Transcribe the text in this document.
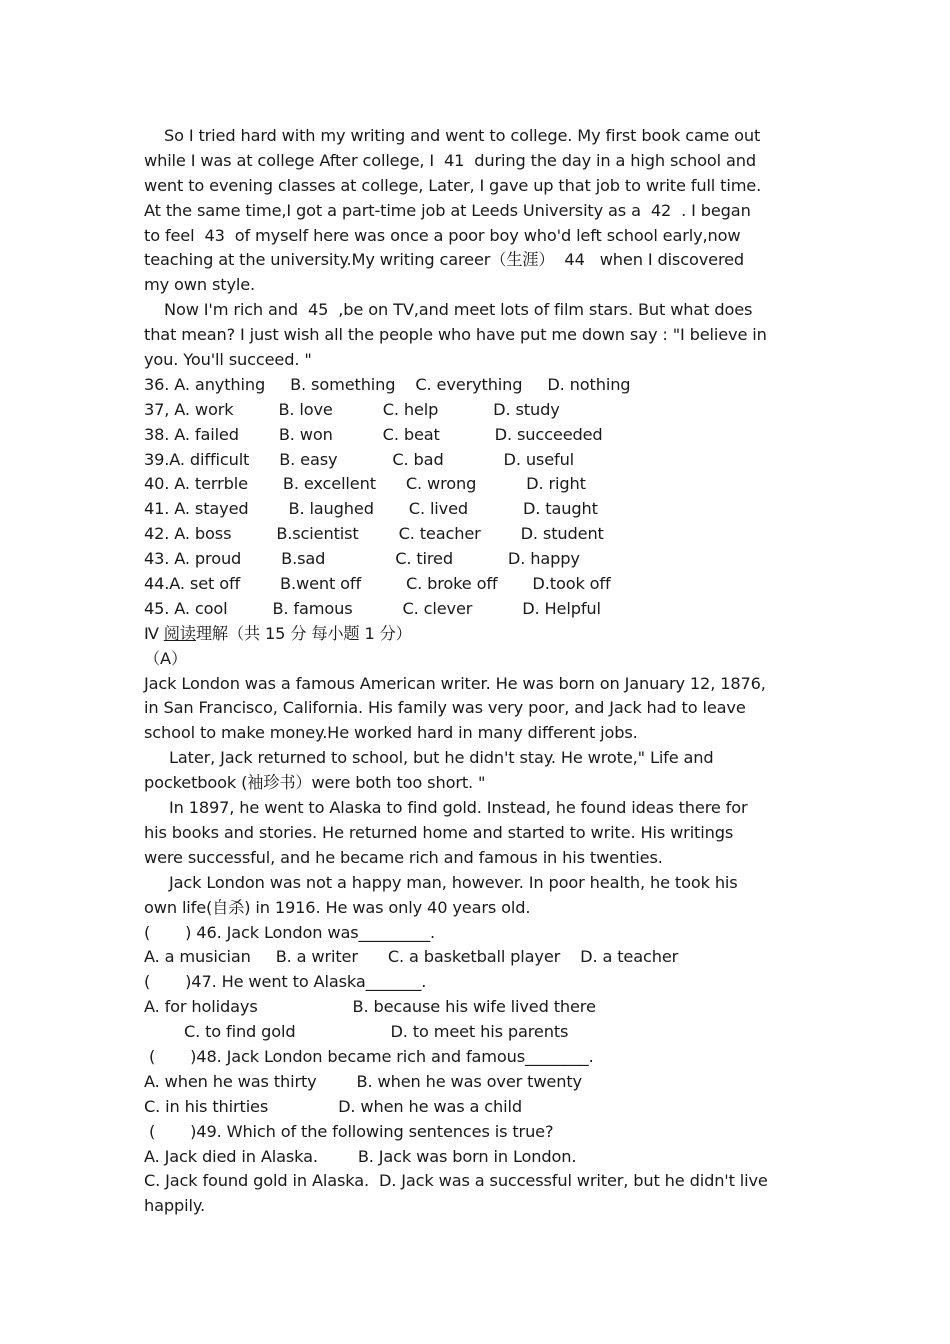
So I tried hard with my writing and went to college. My first book came out
while I was at college After college, I  41  during the day in a high school and
went to evening classes at college, Later, I gave up that job to write full time.
At the same time,I got a part-time job at Leeds University as a  42  . I began
to feel  43  of myself here was once a poor boy who'd left school early,now
teaching at the university.My writing career（生涯）  44   when I discovered
my own style.
Now I'm rich and  45  ,be on TV,and meet lots of film stars. But what does
that mean? I just wish all the people who have put me down say : "I believe in
you. You'll succeed. "
36. A. anything     B. something    C. everything     D. nothing
37, A. work         B. love          C. help           D. study
38. A. failed        B. won          C. beat           D. succeeded
39.A. difficult      B. easy           C. bad            D. useful
40. A. terrble       B. excellent      C. wrong          D. right
41. A. stayed        B. laughed       C. lived           D. taught
42. A. boss         B.scientist        C. teacher        D. student
43. A. proud        B.sad              C. tired           D. happy
44.A. set off        B.went off         C. broke off       D.took off
45. A. cool         B. famous          C. clever          D. Helpful
Ⅳ 阅读理解（共 15 分 每小题 1 分）
（A）
Jack London was a famous American writer. He was born on January 12, 1876,
in San Francisco, California. His family was very poor, and Jack had to leave
school to make money.He worked hard in many different jobs.
Later, Jack returned to school, but he didn't stay. He wrote," Life and
pocketbook (袖珍书）were both too short. "
In 1897, he went to Alaska to find gold. Instead, he found ideas there for
his books and stories. He returned home and started to write. His writings
were successful, and he became rich and famous in his twenties.
Jack London was not a happy man, however. In poor health, he took his
own life(自杀) in 1916. He was only 40 years old.
(       ) 46. Jack London was_________.
A. a musician     B. a writer      C. a basketball player    D. a teacher
(       )47. He went to Alaska_______.
A. for holidays                   B. because his wife lived there
C. to find gold                   D. to meet his parents
(       )48. Jack London became rich and famous________.
A. when he was thirty        B. when he was over twenty
C. in his thirties              D. when he was a child
(       )49. Which of the following sentences is true?
A. Jack died in Alaska.        B. Jack was born in London.
C. Jack found gold in Alaska.  D. Jack was a successful writer, but he didn't live
happily.
